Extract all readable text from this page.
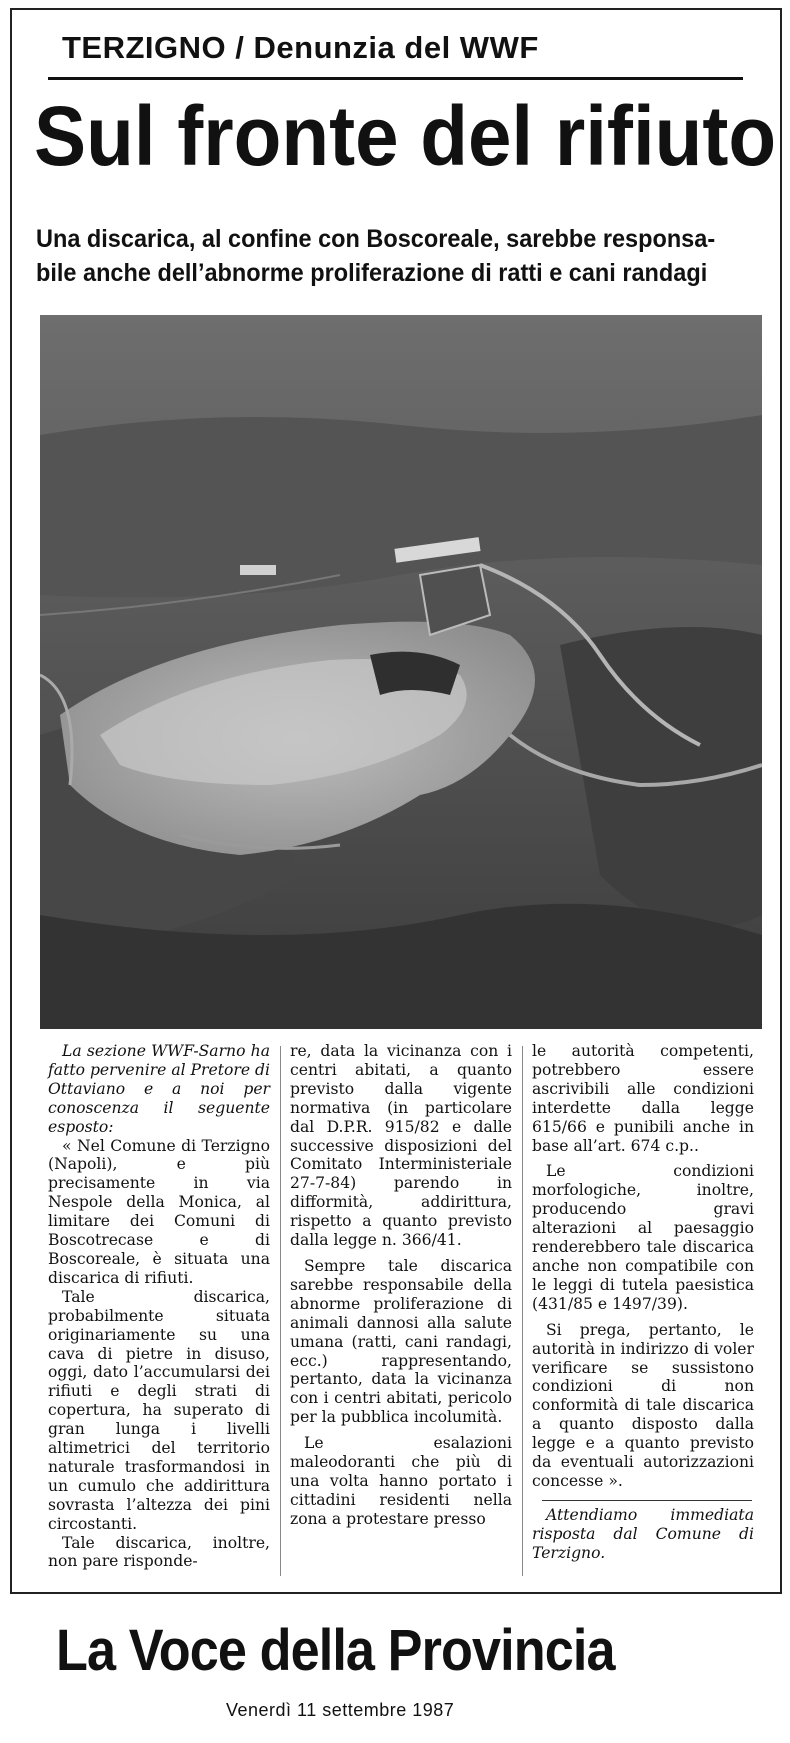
TERZIGNO / Denunzia del WWF
Sul fronte del rifiuto
Una discarica, al confine con Boscoreale, sarebbe responsa-
bile anche dell’abnorme proliferazione di ratti e cani randagi

La sezione WWF-Sarno ha fatto pervenire al Pretore di Ottaviano e a noi per conoscenza il seguente esposto:

« Nel Comune di Terzigno (Napoli), e più precisamente in via Nespole della Monica, al limitare dei Comuni di Boscotrecase e di Boscoreale, è situata una discarica di rifiuti.

Tale discarica, probabilmente situata originariamente su una cava di pietre in disuso, oggi, dato l’accumularsi dei rifiuti e degli strati di copertura, ha superato di gran lunga i livelli altimetrici del territorio naturale trasformandosi in un cumulo che addirittura sovrasta l’altezza dei pini circostanti.

Tale discarica, inoltre, non pare risponde-

re, data la vicinanza con i centri abitati, a quanto previsto dalla vigente normativa (in particolare dal D.P.R. 915/82 e dalle successive disposizioni del Comitato Interministeriale 27-7-84) parendo in difformità, addirittura, rispetto a quanto previsto dalla legge n. 366/41.

Sempre tale discarica sarebbe responsabile della abnorme proliferazione di animali dannosi alla salute umana (ratti, cani randagi, ecc.) rappresentando, pertanto, data la vicinanza con i centri abitati, pericolo per la pubblica incolumità.

Le esalazioni maleodoranti che più di una volta hanno portato i cittadini residenti nella zona a protestare presso

le autorità competenti, potrebbero essere ascrivibili alle condizioni interdette dalla legge 615/66 e punibili anche in base all’art. 674 c.p..

Le condizioni morfologiche, inoltre, producendo gravi alterazioni al paesaggio renderebbero tale discarica anche non compatibile con le leggi di tutela paesistica (431/85 e 1497/39).

Si prega, pertanto, le autorità in indirizzo di voler verificare se sussistono condizioni di non conformità di tale discarica a quanto disposto dalla legge e a quanto previsto da eventuali autorizzazioni concesse ».

Attendiamo immediata risposta dal Comune di Terzigno.

La Voce della Provincia
Venerdì 11 settembre 1987
